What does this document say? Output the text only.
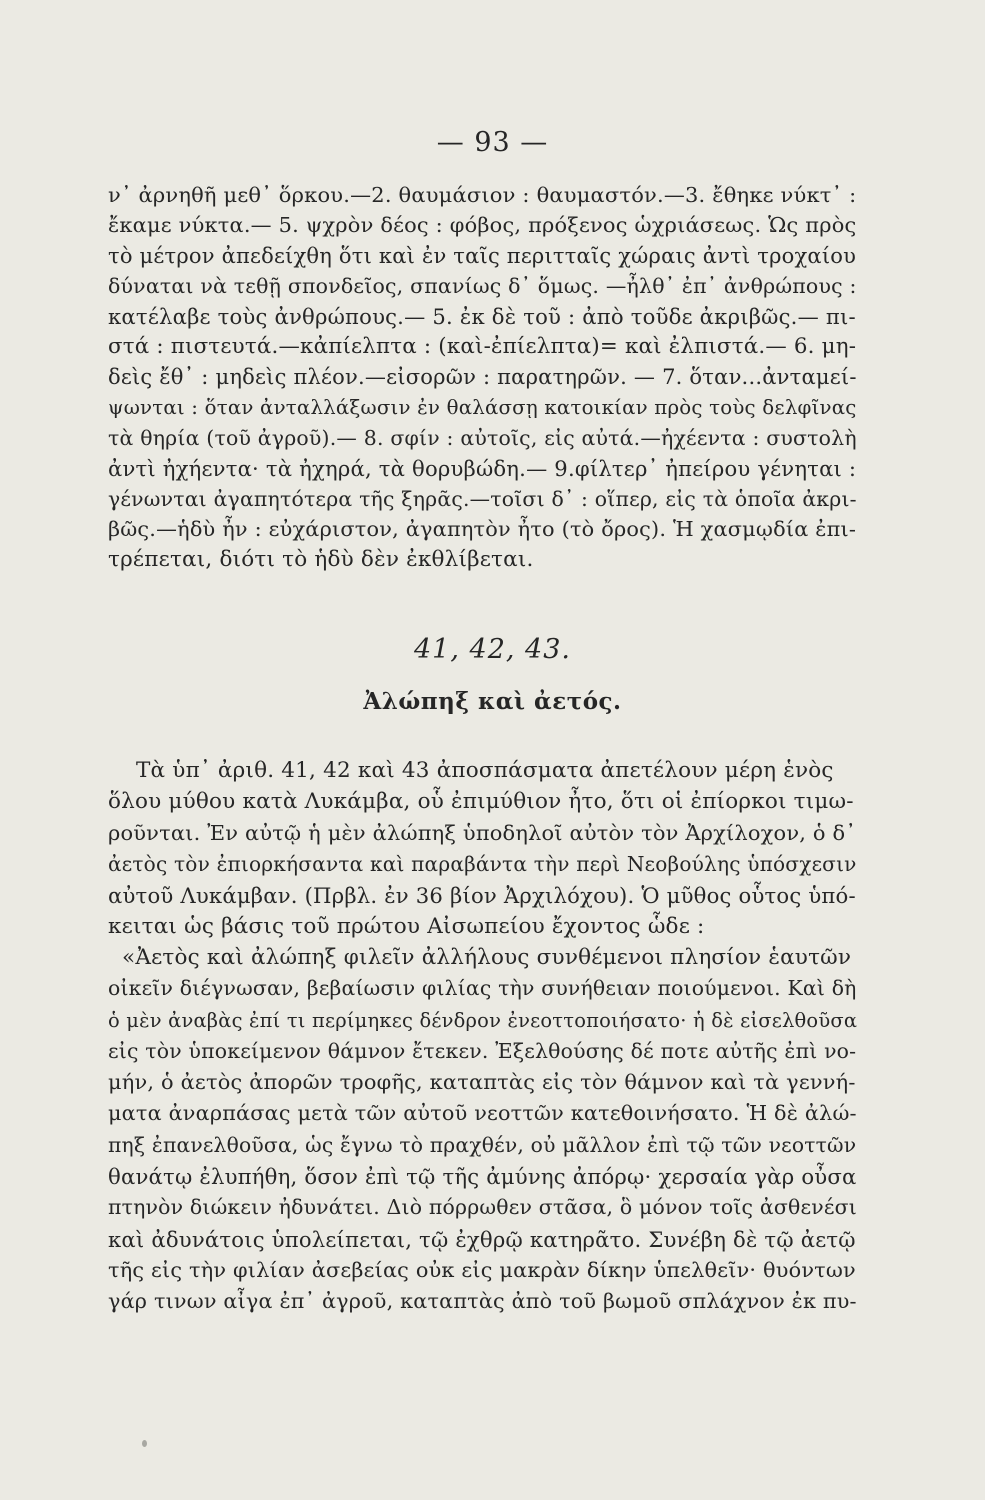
— 93 —

ν᾽ ἀρνηθῆ μεθ᾽ ὅρκου.—2. θαυμάσιον : θαυμαστόν.—3. ἔθηκε νύκτ᾽ :

ἔκαμε νύκτα.— 5. ψχρὸν δέος : φόβος, πρόξενος ὡχριάσεως. Ὡς πρὸς

τὸ μέτρον ἀπεδείχθη ὅτι καὶ ἐν ταῖς περιτταῖς χώραις ἀντὶ τροχαίου

δύναται νὰ τεθῇ σπονδεῖος, σπανίως δ᾽ ὅμως. —ἦλθ᾽ ἐπ᾽ ἀνθρώπους :

κατέλαβε τοὺς ἀνθρώπους.— 5. ἐκ δὲ τοῦ : ἀπὸ τοῦδε ἀκριβῶς.— πι-

στά : πιστευτά.—κἀπίελπτα : (καὶ-ἐπίελπτα)= καὶ ἐλπιστά.— 6. μη-

δεὶς ἔθ᾽ : μηδεὶς πλέον.—εἰσορῶν : παρατηρῶν. — 7. ὅταν...ἀνταμεί-

ψωνται : ὅταν ἀνταλλάξωσιν ἐν θαλάσσῃ κατοικίαν πρὸς τοὺς δελφῖνας

τὰ θηρία (τοῦ ἀγροῦ).— 8. σφίν : αὐτοῖς, εἰς αὐτά.—ἠχέεντα : συστολὴ

ἀντὶ ἠχήεντα· τὰ ἠχηρά, τὰ θορυβώδη.— 9.φίλτερ᾽ ἠπείρου γένηται :

γένωνται ἀγαπητότερα τῆς ξηρᾶς.—τοῖσι δ᾽ : οἵπερ, εἰς τὰ ὁποῖα ἀκρι-

βῶς.—ἡδὺ ἦν : εὐχάριστον, ἀγαπητὸν ἦτο (τὸ ὄρος). Ἡ χασμῳδία ἐπι-

τρέπεται, διότι τὸ ἡδὺ δὲν ἐκθλίβεται.

41, 42, 43.
Ἀλώπηξ καὶ ἀετός.

Τὰ ὑπ᾽ ἀριθ. 41, 42 καὶ 43 ἀποσπάσματα ἀπετέλουν μέρη ἑνὸς

ὅλου μύθου κατὰ Λυκάμβα, οὗ ἐπιμύθιον ἦτο, ὅτι οἱ ἐπίορκοι τιμω-

ροῦνται. Ἐν αὐτῷ ἡ μὲν ἀλώπηξ ὑποδηλοῖ αὐτὸν τὸν Ἀρχίλοχον, ὁ δ᾽

ἀετὸς τὸν ἐπιορκήσαντα καὶ παραβάντα τὴν περὶ Νεοβούλης ὑπόσχεσιν

αὐτοῦ Λυκάμβαν. (Πρβλ. ἐν 36 βίον Ἀρχιλόχου). Ὁ μῦθος οὗτος ὑπό-

κειται ὡς βάσις τοῦ πρώτου Αἰσωπείου ἔχοντος ὧδε :

«Ἀετὸς καὶ ἀλώπηξ φιλεῖν ἀλλήλους συνθέμενοι πλησίον ἑαυτῶν

οἰκεῖν διέγνωσαν, βεβαίωσιν φιλίας τὴν συνήθειαν ποιούμενοι. Καὶ δὴ

ὁ μὲν ἀναβὰς ἐπί τι περίμηκες δένδρον ἐνεοττοποιήσατο· ἡ δὲ εἰσελθοῦσα

εἰς τὸν ὑποκείμενον θάμνον ἔτεκεν. Ἐξελθούσης δέ ποτε αὐτῆς ἐπὶ νο-

μήν, ὁ ἀετὸς ἀπορῶν τροφῆς, καταπτὰς εἰς τὸν θάμνον καὶ τὰ γεννή-

ματα ἀναρπάσας μετὰ τῶν αὐτοῦ νεοττῶν κατεθοινήσατο. Ἡ δὲ ἀλώ-

πηξ ἐπανελθοῦσα, ὡς ἔγνω τὸ πραχθέν, οὐ μᾶλλον ἐπὶ τῷ τῶν νεοττῶν

θανάτῳ ἐλυπήθη, ὅσον ἐπὶ τῷ τῆς ἀμύνης ἀπόρῳ· χερσαία γὰρ οὖσα

πτηνὸν διώκειν ἠδυνάτει. Διὸ πόρρωθεν στᾶσα, ὃ μόνον τοῖς ἀσθενέσι

καὶ ἀδυνάτοις ὑπολείπεται, τῷ ἐχθρῷ κατηρᾶτο. Συνέβη δὲ τῷ ἀετῷ

τῆς εἰς τὴν φιλίαν ἀσεβείας οὐκ εἰς μακρὰν δίκην ὑπελθεῖν· θυόντων

γάρ τινων αἶγα ἐπ᾽ ἀγροῦ, καταπτὰς ἀπὸ τοῦ βωμοῦ σπλάχνον ἐκ πυ-
